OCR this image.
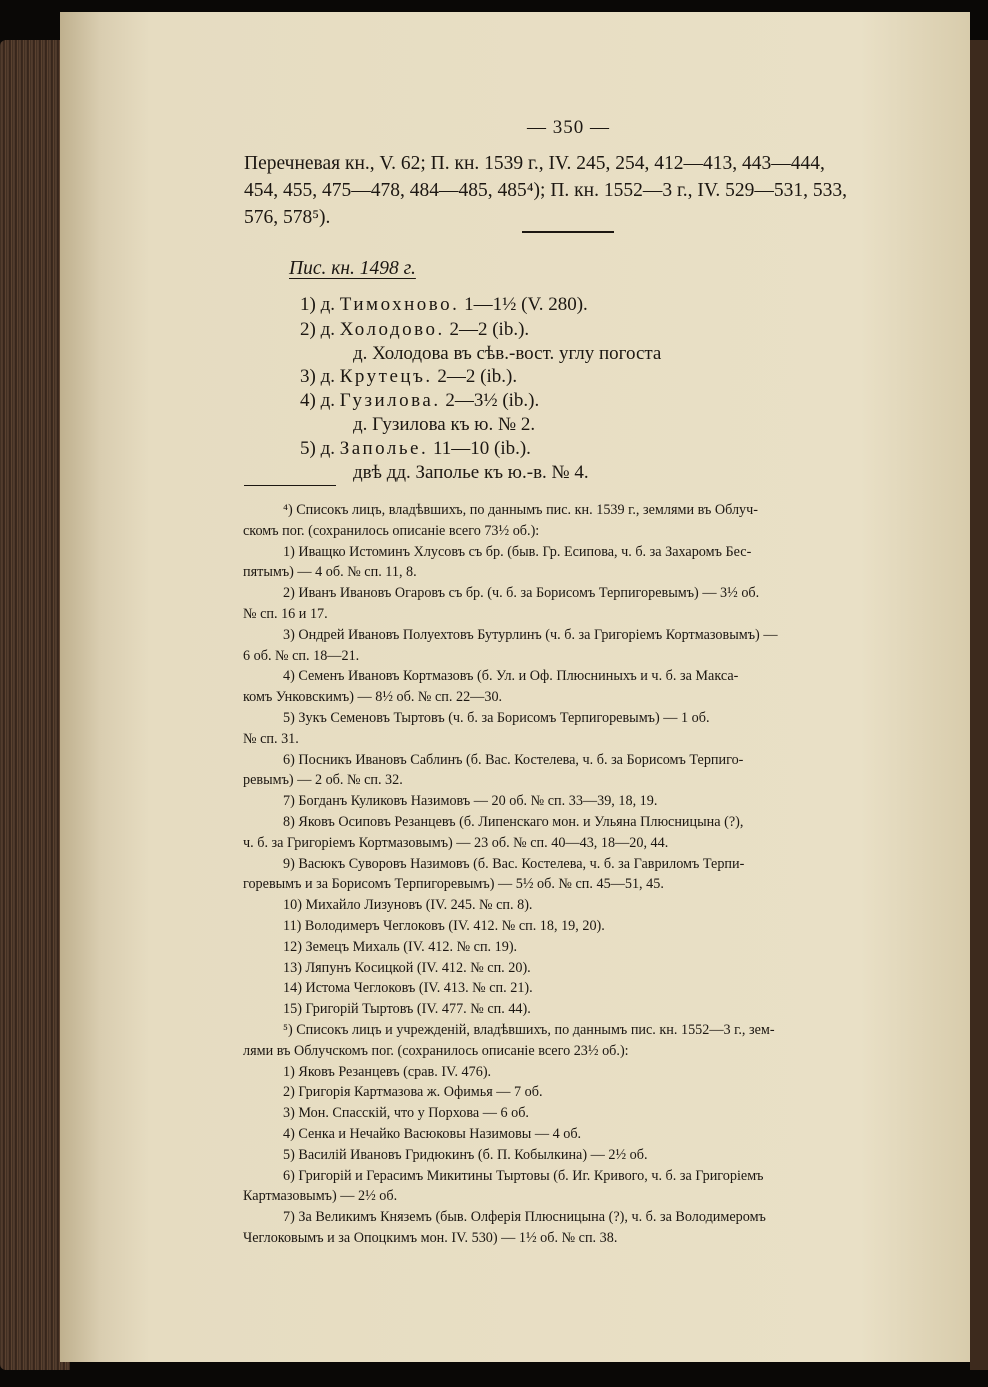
— 350 —

Перечневая кн., V. 62; П. кн. 1539 г., IV. 245, 254, 412—413, 443—444,

454, 455, 475—478, 484—485, 485⁴); П. кн. 1552—3 г., IV. 529—531, 533,

576, 578⁵).

Пис. кн. 1498 г.
1) д. Тимохново. 1—1½ (V. 280).
2) д. Холодово. 2—2 (ib.).
д. Холодова въ сѣв.-вост. углу погоста
3) д. Крутецъ. 2—2 (ib.).
4) д. Гузилова. 2—3½ (ib.).
д. Гузилова къ ю. № 2.
5) д. Заполье. 11—10 (ib.).
двѣ дд. Заполье къ ю.-в. № 4.

⁴) Списокъ лицъ, владѣвшихъ, по даннымъ пис. кн. 1539 г., землями въ Облуч-

скомъ пог. (сохранилось описаніе всего 73½ об.):

1) Иващко Истоминъ Хлусовъ съ бр. (быв. Гр. Есипова, ч. б. за Захаромъ Бес-

пятымъ) — 4 об. № сп. 11, 8.

2) Иванъ Ивановъ Огаровъ съ бр. (ч. б. за Борисомъ Терпигоревымъ) — 3½ об.

№ сп. 16 и 17.

3) Ондрей Ивановъ Полуехтовъ Бутурлинъ (ч. б. за Григоріемъ Кортмазовымъ) —

6 об. № сп. 18—21.

4) Семенъ Ивановъ Кортмазовъ (б. Ул. и Оф. Плюсниныхъ и ч. б. за Макса-

комъ Унковскимъ) — 8½ об. № сп. 22—30.

5) Зукъ Семеновъ Тыртовъ (ч. б. за Борисомъ Терпигоревымъ) — 1 об.

№ сп. 31.

6) Посникъ Ивановъ Саблинъ (б. Вас. Костелева, ч. б. за Борисомъ Терпиго-

ревымъ) — 2 об. № сп. 32.

7) Богданъ Куликовъ Назимовъ — 20 об. № сп. 33—39, 18, 19.

8) Яковъ Осиповъ Резанцевъ (б. Липенскаго мон. и Ульяна Плюсницына (?),

ч. б. за Григоріемъ Кортмазовымъ) — 23 об. № сп. 40—43, 18—20, 44.

9) Васюкъ Суворовъ Назимовъ (б. Вас. Костелева, ч. б. за Гавриломъ Терпи-

горевымъ и за Борисомъ Терпигоревымъ) — 5½ об. № сп. 45—51, 45.

10) Михайло Лизуновъ (IV. 245. № сп. 8).

11) Володимеръ Чеглоковъ (IV. 412. № сп. 18, 19, 20).

12) Земецъ Михаль (IV. 412. № сп. 19).

13) Ляпунъ Косицкой (IV. 412. № сп. 20).

14) Истома Чеглоковъ (IV. 413. № сп. 21).

15) Григорій Тыртовъ (IV. 477. № сп. 44).

⁵) Списокъ лицъ и учрежденій, владѣвшихъ, по даннымъ пис. кн. 1552—3 г., зем-

лями въ Облучскомъ пог. (сохранилось описаніе всего 23½ об.):

1) Яковъ Резанцевъ (срав. IV. 476).

2) Григорія Картмазова ж. Офимья — 7 об.

3) Мон. Спасскій, что у Порхова — 6 об.

4) Сенка и Нечайко Васюковы Назимовы — 4 об.

5) Василій Ивановъ Гридюкинъ (б. П. Кобылкина) — 2½ об.

6) Григорій и Герасимъ Микитины Тыртовы (б. Иг. Кривого, ч. б. за Григоріемъ

Картмазовымъ) — 2½ об.

7) За Великимъ Княземъ (быв. Олферія Плюсницына (?), ч. б. за Володимеромъ

Чеглоковымъ и за Опоцкимъ мон. IV. 530) — 1½ об. № сп. 38.
